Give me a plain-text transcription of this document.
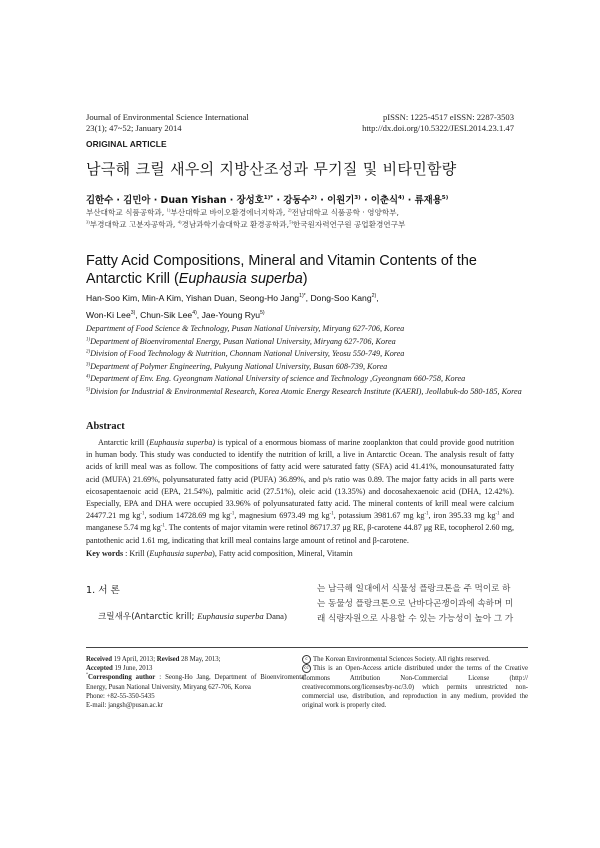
Journal of Environmental Science International
23(1); 47~52; January 2014
pISSN: 1225-4517 eISSN: 2287-3503
http://dx.doi.org/10.5322/JESI.2014.23.1.47
ORIGINAL ARTICLE
남극해 크릴 새우의 지방산조성과 무기질 및 비타민함량
김한수 · 김민아 · Duan Yishan · 장성호$^{1)*}$ · 강동수$^{2)}$ · 이원기$^{3)}$ · 이춘식$^{4)}$ · 류재용$^{5)}$
부산대학교 식품공학과, $^{1)}$부산대학교 바이오환경에너지학과, $^{2)}$전남대학교 식품공학 · 영양학부,
$^{3)}$부경대학교 고분자공학과, $^{4)}$경남과학기술대학교 환경공학과,$^{5)}$한국원자력연구원 공업환경연구부
Fatty Acid Compositions, Mineral and Vitamin Contents of the
Antarctic Krill (Euphausia superba)
Han-Soo Kim, Min-A Kim, Yishan Duan, Seong-Ho Jang$^{1)*}$, Dong-Soo Kang$^{2)}$,
Won-Ki Lee$^{3)}$, Chun-Sik Lee$^{4)}$, Jae-Young Ryu$^{5)}$
Department of Food Science & Technology, Pusan National University, Miryang 627-706, Korea
$^{1)}$Department of Bioenviromental Energy, Pusan National University, Miryang 627-706, Korea
$^{2)}$Division of Food Technology & Nutrition, Chonnam National University, Yeosu 550-749, Korea
$^{3)}$Department of Polymer Engineering, Pukyung National University, Busan 608-739, Korea
$^{4)}$Department of Env. Eng. Gyeongnam National University of science and Technology ,Gyeongnam 660-758, Korea
$^{5)}$Division for Industrial & Environmental Research, Korea Atomic Energy Research Institute (KAERI), Jeollabuk-do 580-185, Korea
Abstract

Antarctic krill (Euphausia superba) is typical of a enormous biomass of marine zooplankton that could provide good nutrition in human body. This study was conducted to identify the nutrition of krill, a live in Antarctic Ocean. The analysis result of fatty acids of krill meal was as follow. The compositions of fatty acid were saturated fatty (SFA) acid 41.41%, monounsaturated fatty acid (MUFA) 21.69%, polyunsaturated fatty acid (PUFA) 36.89%, and p/s ratio was 0.89. The major fatty acids in all parts were eicosapentaenoic acid (EPA, 21.54%), palmitic acid (27.51%), oleic acid (13.35%) and docosahexaenoic acid (DHA, 12.42%). Especially, EPA and DHA were occupied 33.96% of polyunsaturated fatty acid. The mineral contents of krill meal were calcium 24477.21 mg $kg^{-1}$, sodium 14728.69 mg $kg^{-1}$, magnesium 6973.49 mg $kg^{-1}$, potassium 3981.67 mg $kg^{-1}$, iron 395.33 mg $kg^{-1}$ and manganese 5.74 mg $kg^{-1}$. The contents of major vitamin were retinol 86717.37 μg RE, β-carotene 44.87 μg RE, tocopherol 2.60 mg, pantothenic acid 1.61 mg, indicating that krill meal contains large amount of retinol and β-carotene.

Key words : Krill (Euphausia superba), Fatty acid composition, Mineral, Vitamin
1. 서 론
크릴새우(Antarctic krill; Euphausia superba Dana)
는 남극해 일대에서 식물성 플랑크톤을 주 먹이로 하
는 동물성 플랑크톤으로 난바다곤쟁이과에 속하며 미
래 식량자원으로 사용할 수 있는 가능성이 높아 그 가
Received 19 April, 2013; Revised 28 May, 2013;
Accepted 19 June, 2013
*Corresponding author : Seong-Ho Jang, Department of Bioenviromental Energy, Pusan National University, Miryang 627-706, Korea
Phone: +82-55-350-5435
E-mail: jangsh@pusan.ac.kr
c The Korean Environmental Sciences Society. All rights reserved.
cc This is an Open-Access article distributed under the terms of the Creative Commons Attribution Non-Commercial License (http:// creativecommons.org/licenses/by-nc/3.0) which permits unrestricted non-commercial use, distribution, and reproduction in any medium, provided the original work is properly cited.
